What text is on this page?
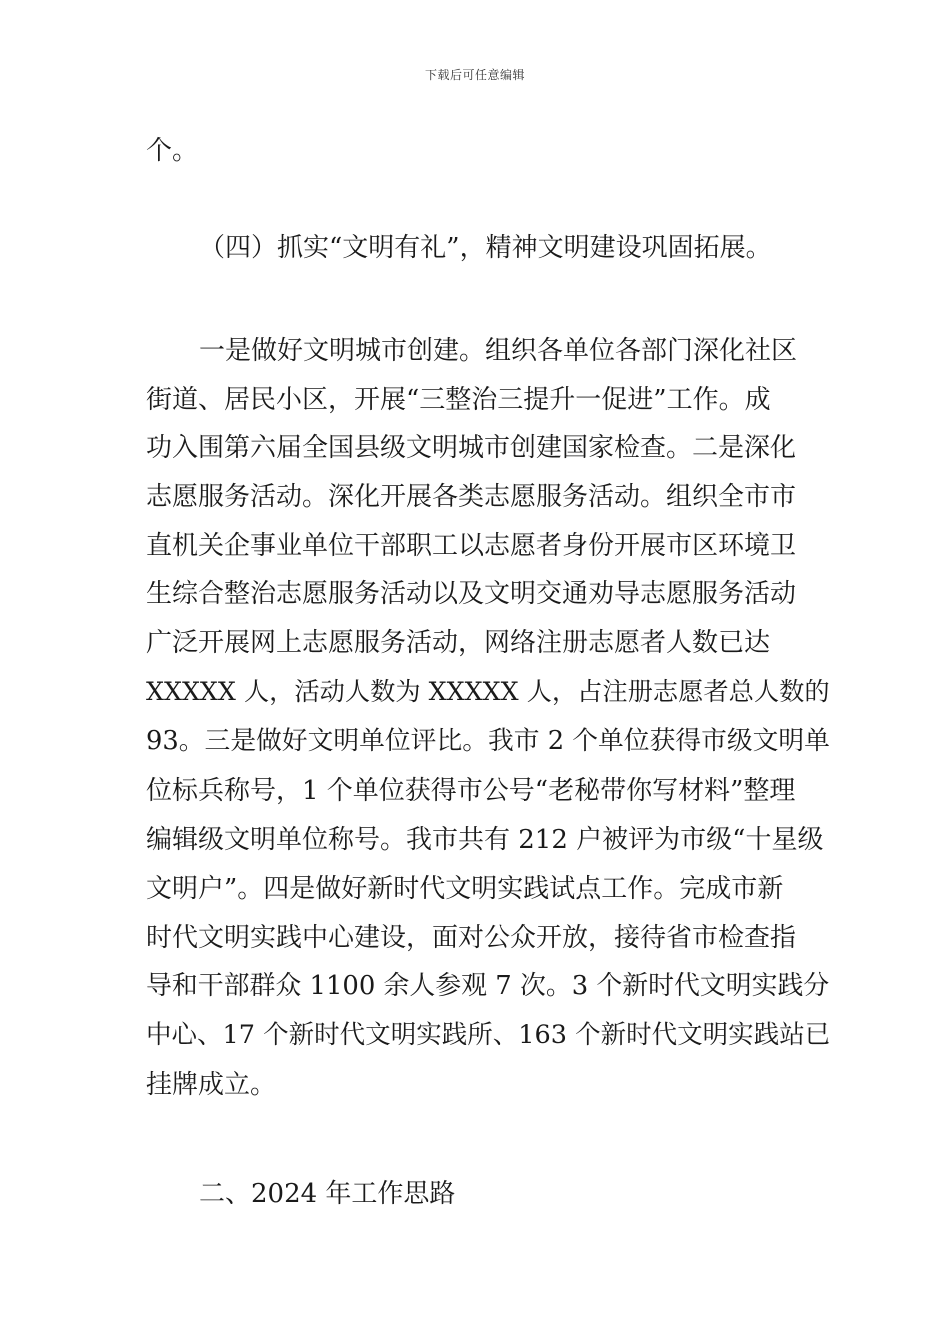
下载后可任意编辑
个。
（四）抓实“文明有礼”，精神文明建设巩固拓展。
一是做好文明城市创建。组织各单位各部门深化社区
街道、居民小区，开展“三整治三提升一促进”工作。成
功入围第六届全国县级文明城市创建国家检查。二是深化
志愿服务活动。深化开展各类志愿服务活动。组织全市市
直机关企事业单位干部职工以志愿者身份开展市区环境卫
生综合整治志愿服务活动以及文明交通劝导志愿服务活动
广泛开展网上志愿服务活动，网络注册志愿者人数已达
XXXXX 人，活动人数为 XXXXX 人，占注册志愿者总人数的
93。三是做好文明单位评比。我市 2 个单位获得市级文明单
位标兵称号，1 个单位获得市公号“老秘带你写材料”整理
编辑级文明单位称号。我市共有 212 户被评为市级“十星级
文明户”。四是做好新时代文明实践试点工作。完成市新
时代文明实践中心建设，面对公众开放，接待省市检查指
导和干部群众 1100 余人参观 7 次。3 个新时代文明实践分
中心、17 个新时代文明实践所、163 个新时代文明实践站已
挂牌成立。
二、2024 年工作思路
